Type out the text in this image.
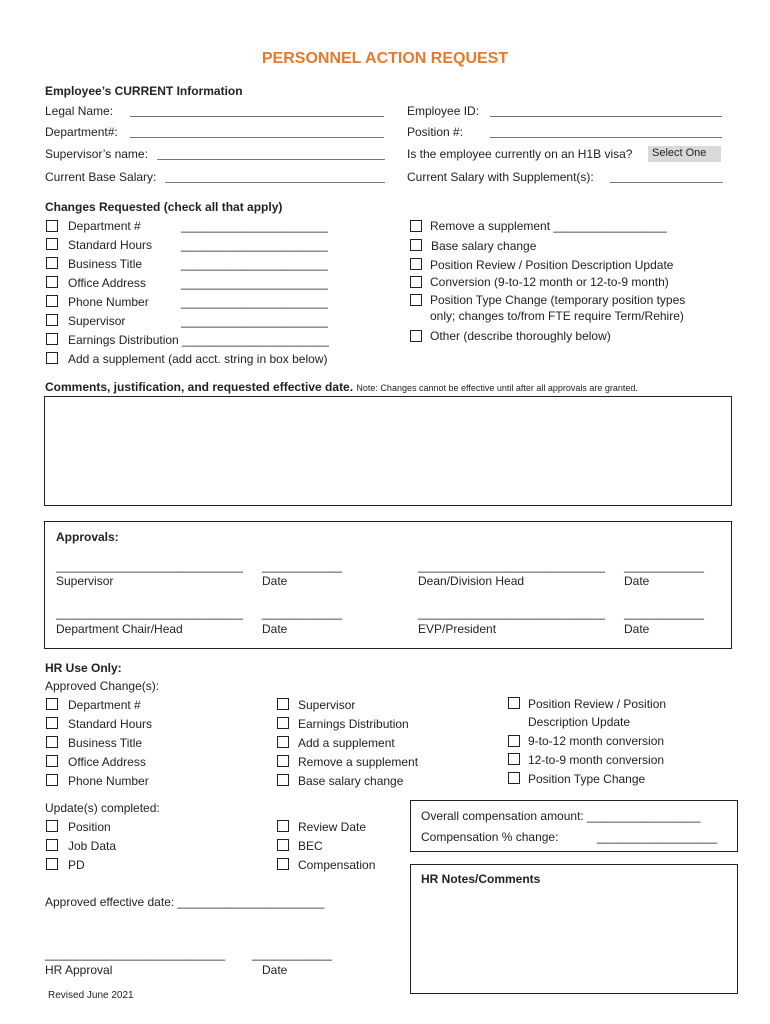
PERSONNEL ACTION REQUEST
Employee’s CURRENT Information
Legal Name:	Employee ID:
Department#:	Position #:
Supervisor’s name:	Is the employee currently on an H1B visa?	Select One
Current Base Salary:	Current Salary with Supplement(s):
Changes Requested (check all that apply)
Department #	______________________
Standard Hours ______________________
Business Title	______________________
Office Address	______________________
Phone Number	______________________
Supervisor	______________________
Earnings Distribution ______________________
Add a supplement (add acct. string in box below)
Remove a supplement _________________
Base salary change
Position Review / Position Description Update
Conversion (9-to-12 month or 12-to-9 month)
Position Type Change (temporary position types
only; changes to/from FTE require Term/Rehire)
Other (describe thoroughly below)
Comments, justification, and requested effective date. Note: Changes cannot be effective until after all approvals are granted.
Approvals:
____________________________ ____________	____________________________ ____________
Supervisor	Date	Dean/Division Head	Date
____________________________ ____________	____________________________ ____________
Department Chair/Head	Date	EVP/President	Date
HR Use Only:
Approved Change(s):
Department #
Standard Hours
Business Title
Office Address
Phone Number
Supervisor
Earnings Distribution
Add a supplement
Remove a supplement
Base salary change
Position Review / Position
Description Update
9-to-12 month conversion
12-to-9 month conversion
Position Type Change
Update(s) completed:
Position
Job Data
PD
Review Date
BEC
Compensation
Overall compensation amount: _________________
Compensation % change:	__________________
HR Notes/Comments
Approved effective date: ______________________
___________________________ ____________
HR Approval	Date
Revised June 2021
